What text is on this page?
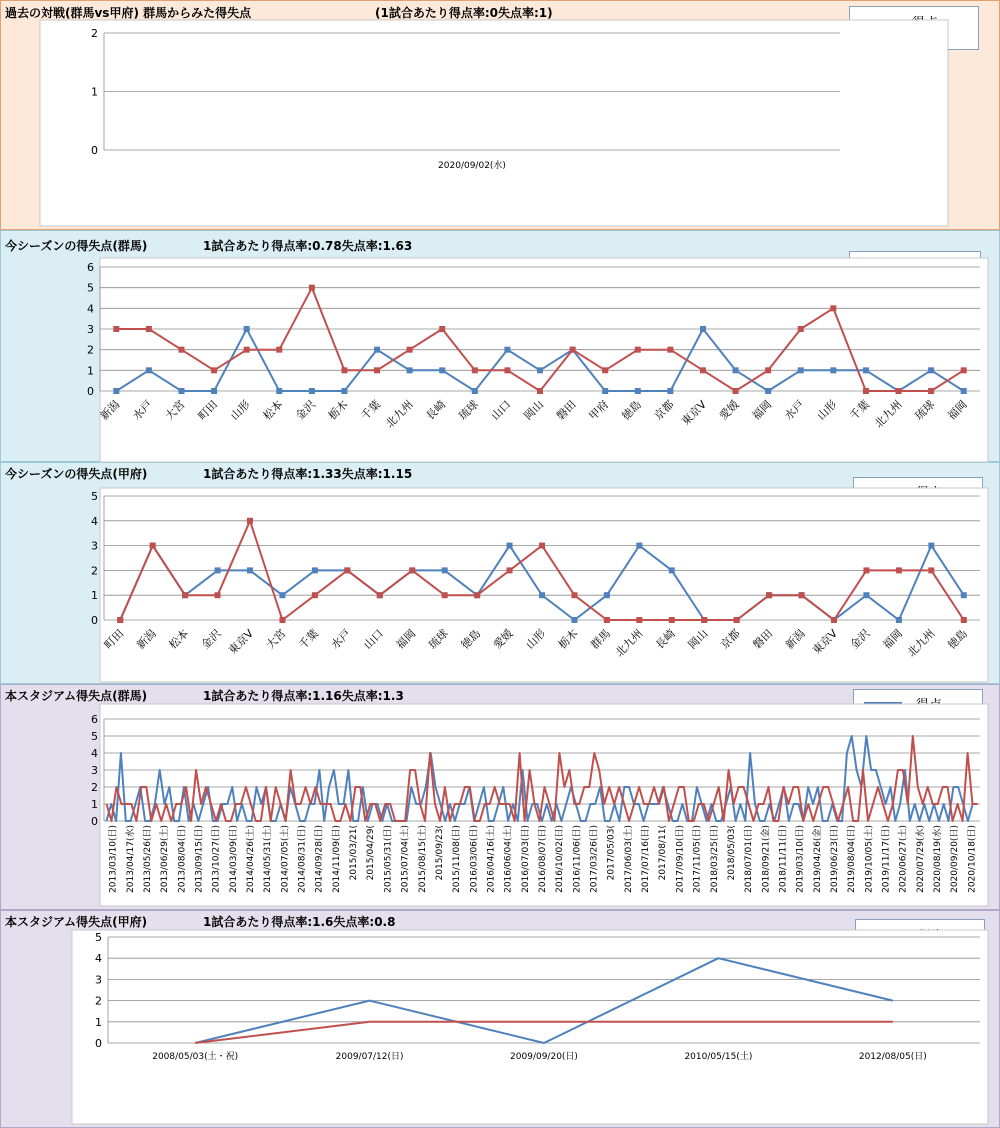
過去の対戦(群馬vs甲府) 群馬からみた得失点	(1試合あたり得点率:0失点率:1)
今シーズンの得失点(群馬)	1試合あたり得点率:0.78失点率:1.63
今シーズンの得失点(甲府)	1試合あたり得点率:1.33失点率:1.15
本スタジアム得失点(群馬)	1試合あたり得点率:1.16失点率:1.3
本スタジアム得失点(甲府)	1試合あたり得点率:1.6失点率:0.8
0
1
2
2020/09/02(水)
0
1
2
3
4
5
6
新潟 水戸 大宮 町田 山形 松本 金沢 栃木 千葉 北九州 長崎 琉球 山口 岡山 磐田 甲府 徳島 京都 東京V 愛媛 福岡 水戸 山形 千葉 北九州 琉球 福岡
0
1
2
3
4
5
町田 新潟 松本 金沢 東京V 大宮 千葉 水戸 山口 福岡 琉球 徳島 愛媛 山形 栃木 群馬 北九州 長崎 岡山 京都 磐田 新潟 東京V 金沢 福岡 北九州 徳島
0
1
2
3
4
5
6
2013/03/10(日) 2013/04/17(水) 2013/05/26(日) 2013/06/29(土) 2013/08/04(日) 2013/09/15(日) 2013/10/27(日) 2014/03/09(日) 2014/04/26(土) 2014/05/31(土) 2014/07/05(土) 2014/08/31(日) 2014/09/28(日) 2014/11/09(日) 2015/03/21( 2015/04/29( 2015/05/31(日) 2015/07/04(土) 2015/08/15(土) 2015/09/23( 2015/11/08(日) 2016/03/06(日) 2016/04/16(土) 2016/06/04(土) 2016/07/03(日) 2016/08/07(日) 2016/10/02(日) 2016/11/06(日) 2017/03/26(日) 2017/05/03( 2017/06/03(土) 2017/07/16(日) 2017/08/11( 2017/09/10(日) 2017/11/05(日) 2018/03/25(日) 2018/05/03( 2018/07/01(日) 2018/09/21(金) 2018/11/11(日) 2019/03/10(日) 2019/04/26(金) 2019/06/23(日) 2019/08/04(日) 2019/10/05(土) 2019/11/17(日) 2020/06/27(土) 2020/07/29(水) 2020/08/19(水) 2020/09/20(日) 2020/10/18(日)
0
1
2
3
4
5
2008/05/03(土・祝)	2009/07/12(日)	2009/09/20(日)	2010/05/15(土)	2012/08/05(日)
